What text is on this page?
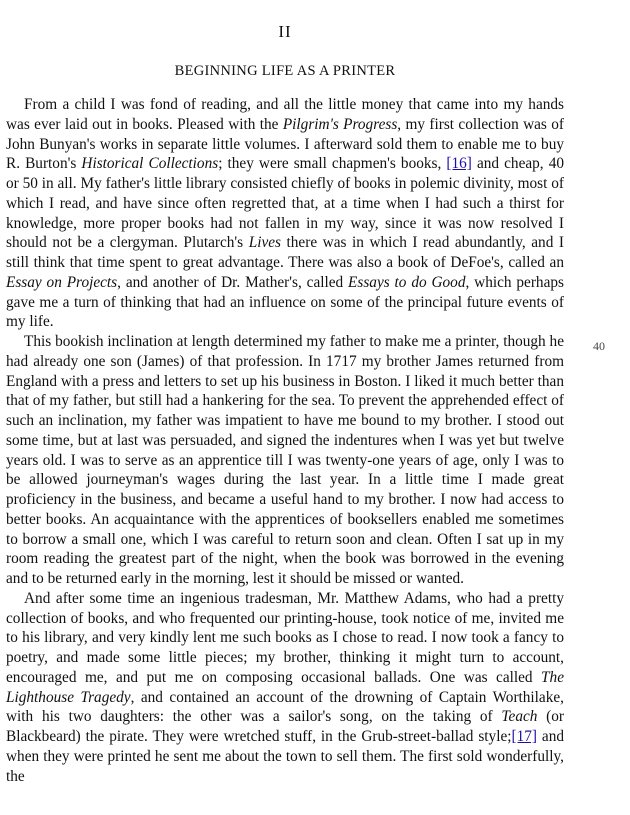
II
BEGINNING LIFE AS A PRINTER

From a child I was fond of reading, and all the little money that came into my hands was ever laid out in books. Pleased with the Pilgrim's Progress, my first collection was of John Bunyan's works in separate little volumes. I afterward sold them to enable me to buy R. Burton's Historical Collections; they were small chapmen's books, [16] and cheap, 40 or 50 in all. My father's little library consisted chiefly of books in polemic divinity, most of which I read, and have since often regretted that, at a time when I had such a thirst for knowledge, more proper books had not fallen in my way, since it was now resolved I should not be a clergyman. Plutarch's Lives there was in which I read abundantly, and I still think that time spent to great advantage. There was also a book of DeFoe's, called an Essay on Projects, and another of Dr. Mather's, called Essays to do Good, which perhaps gave me a turn of thinking that had an influence on some of the principal future events of my life.

This bookish inclination at length determined my father to make me a printer, though he had already one son (James) of that profession. In 1717 my brother James returned from England with a press and letters to set up his business in Boston. I liked it much better than that of my father, but still had a hankering for the sea. To prevent the apprehended effect of such an inclination, my father was impatient to have me bound to my brother. I stood out some time, but at last was persuaded, and signed the indentures when I was yet but twelve years old. I was to serve as an apprentice till I was twenty-one years of age, only I was to be allowed journeyman's wages during the last year. In a little time I made great proficiency in the business, and became a useful hand to my brother. I now had access to better books. An acquaintance with the apprentices of booksellers enabled me sometimes to borrow a small one, which I was careful to return soon and clean. Often I sat up in my room reading the greatest part of the night, when the book was borrowed in the evening and to be returned early in the morning, lest it should be missed or wanted.

And after some time an ingenious tradesman, Mr. Matthew Adams, who had a pretty collection of books, and who frequented our printing-house, took notice of me, invited me to his library, and very kindly lent me such books as I chose to read. I now took a fancy to poetry, and made some little pieces; my brother, thinking it might turn to account, encouraged me, and put me on composing occasional ballads. One was called The Lighthouse Tragedy, and contained an account of the drowning of Captain Worthilake, with his two daughters: the other was a sailor's song, on the taking of Teach (or Blackbeard) the pirate. They were wretched stuff, in the Grub-street-ballad style;[17] and when they were printed he sent me about the town to sell them. The first sold wonderfully, the

40
